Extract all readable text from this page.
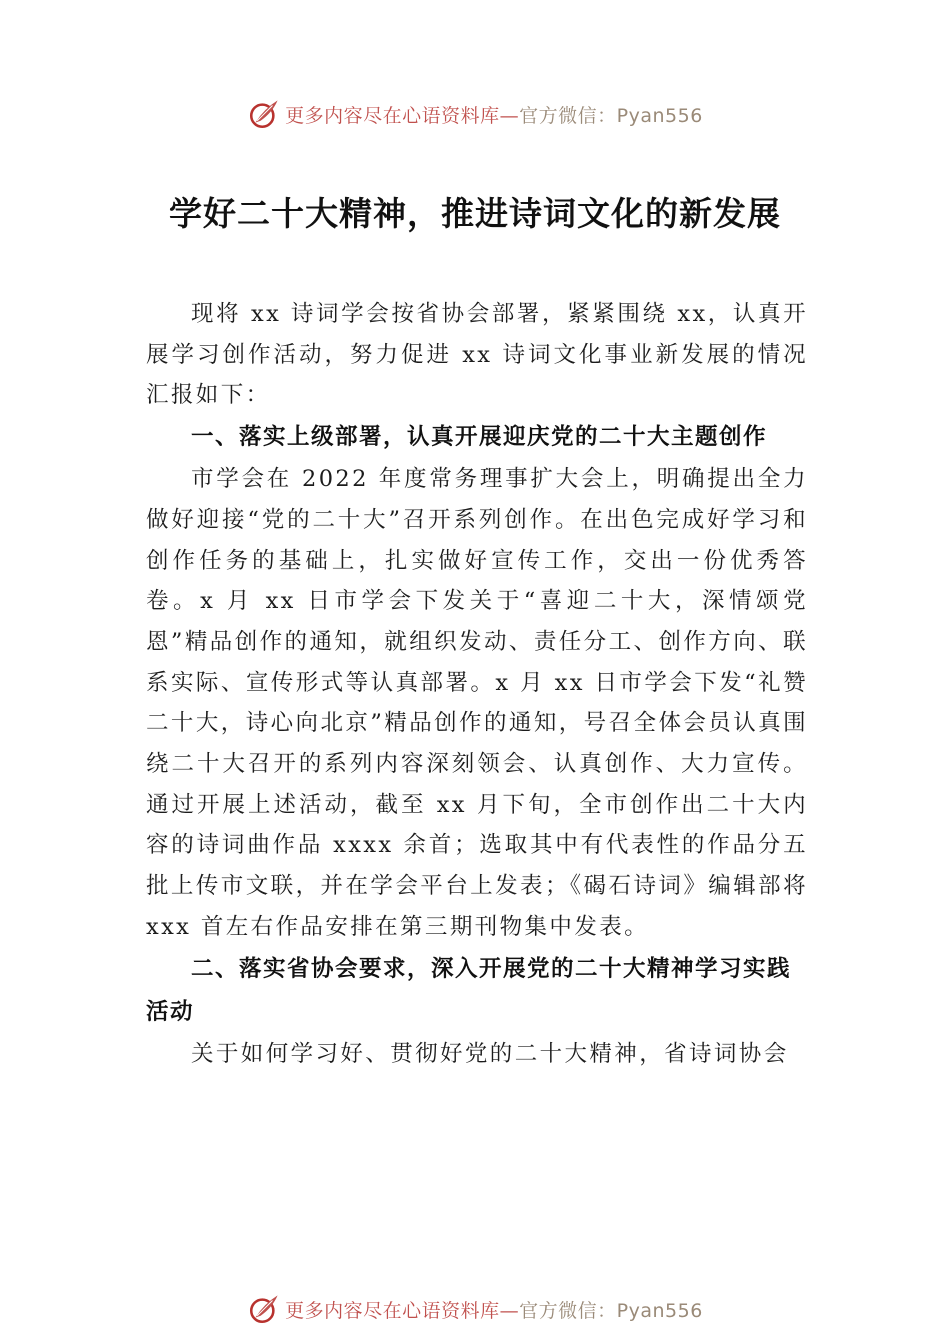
更多内容尽在心语资料库—官方微信：Pyan556
学好二十大精神，推进诗词文化的新发展

现将 xx 诗词学会按省协会部署，紧紧围绕 xx，认真开展学习创作活动，努力促进 xx 诗词文化事业新发展的情况汇报如下：

一、落实上级部署，认真开展迎庆党的二十大主题创作

市学会在 2022 年度常务理事扩大会上，明确提出全力做好迎接“党的二十大”召开系列创作。在出色完成好学习和创作任务的基础上，扎实做好宣传工作，交出一份优秀答卷。x 月 xx 日市学会下发关于“喜迎二十大，深情颂党恩”精品创作的通知，就组织发动、责任分工、创作方向、联系实际、宣传形式等认真部署。x 月 xx 日市学会下发“礼赞二十大，诗心向北京”精品创作的通知，号召全体会员认真围绕二十大召开的系列内容深刻领会、认真创作、大力宣传。通过开展上述活动，截至 xx 月下旬，全市创作出二十大内容的诗词曲作品 xxxx 余首；选取其中有代表性的作品分五批上传市文联，并在学会平台上发表；《碣石诗词》编辑部将 xxx 首左右作品安排在第三期刊物集中发表。

二、落实省协会要求，深入开展党的二十大精神学习实践活动

关于如何学习好、贯彻好党的二十大精神，省诗词协会

更多内容尽在心语资料库—官方微信：Pyan556
